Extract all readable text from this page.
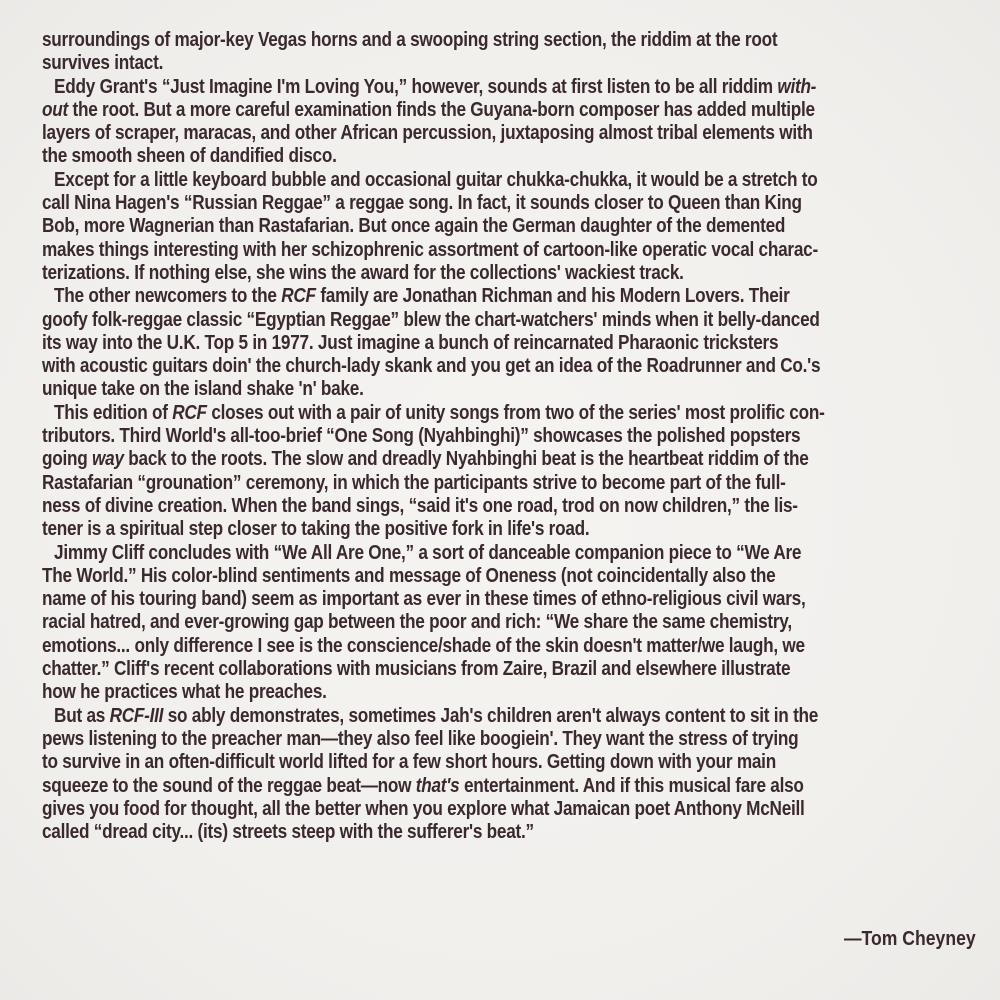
surroundings of major-key Vegas horns and a swooping string section, the riddim at the root
survives intact.
Eddy Grant's “Just Imagine I'm Loving You,” however, sounds at first listen to be all riddim with-
out the root. But a more careful examination finds the Guyana-born composer has added multiple
layers of scraper, maracas, and other African percussion, juxtaposing almost tribal elements with
the smooth sheen of dandified disco.
Except for a little keyboard bubble and occasional guitar chukka-chukka, it would be a stretch to
call Nina Hagen's “Russian Reggae” a reggae song. In fact, it sounds closer to Queen than King
Bob, more Wagnerian than Rastafarian. But once again the German daughter of the demented
makes things interesting with her schizophrenic assortment of cartoon-like operatic vocal charac-
terizations. If nothing else, she wins the award for the collections' wackiest track.
The other newcomers to the RCF family are Jonathan Richman and his Modern Lovers. Their
goofy folk-reggae classic “Egyptian Reggae” blew the chart-watchers' minds when it belly-danced
its way into the U.K. Top 5 in 1977. Just imagine a bunch of reincarnated Pharaonic tricksters
with acoustic guitars doin' the church-lady skank and you get an idea of the Roadrunner and Co.'s
unique take on the island shake 'n' bake.
This edition of RCF closes out with a pair of unity songs from two of the series' most prolific con-
tributors. Third World's all-too-brief “One Song (Nyahbinghi)” showcases the polished popsters
going way back to the roots. The slow and dreadly Nyahbinghi beat is the heartbeat riddim of the
Rastafarian “grounation” ceremony, in which the participants strive to become part of the full-
ness of divine creation. When the band sings, “said it's one road, trod on now children,” the lis-
tener is a spiritual step closer to taking the positive fork in life's road.
Jimmy Cliff concludes with “We All Are One,” a sort of danceable companion piece to “We Are
The World.” His color-blind sentiments and message of Oneness (not coincidentally also the
name of his touring band) seem as important as ever in these times of ethno-religious civil wars,
racial hatred, and ever-growing gap between the poor and rich: “We share the same chemistry,
emotions... only difference I see is the conscience/shade of the skin doesn't matter/we laugh, we
chatter.” Cliff's recent collaborations with musicians from Zaire, Brazil and elsewhere illustrate
how he practices what he preaches.
But as RCF-III so ably demonstrates, sometimes Jah's children aren't always content to sit in the
pews listening to the preacher man—they also feel like boogiein'. They want the stress of trying
to survive in an often-difficult world lifted for a few short hours. Getting down with your main
squeeze to the sound of the reggae beat—now that's entertainment. And if this musical fare also
gives you food for thought, all the better when you explore what Jamaican poet Anthony McNeill
called “dread city... (its) streets steep with the sufferer's beat.”
—Tom Cheyney
